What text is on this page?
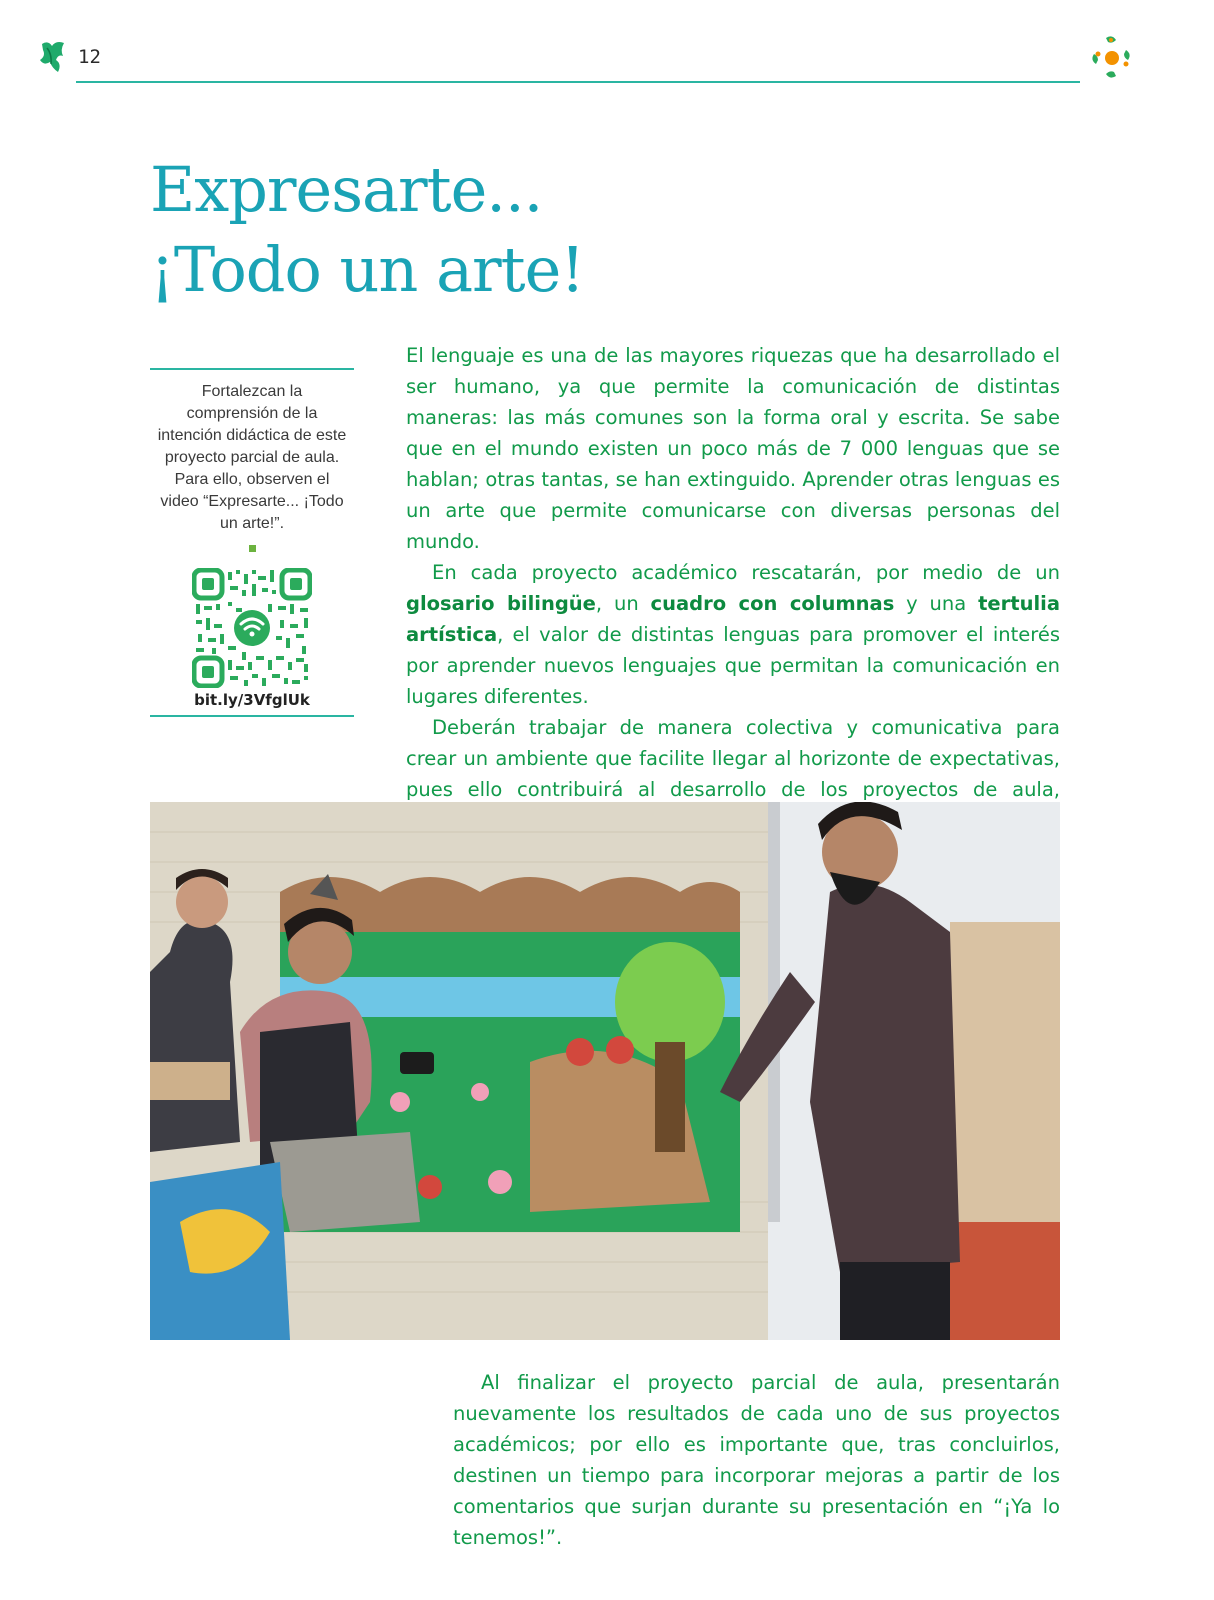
12
Expresarte...
¡Todo un arte!
Fortalezcan la comprensión de la intención didáctica de este proyecto parcial de aula. Para ello, observen el video “Expresarte... ¡Todo un arte!”.
bit.ly/3VfglUk

El lenguaje es una de las mayores riquezas que ha desarrollado el ser humano, ya que permite la comunicación de distintas maneras: las más comunes son la forma oral y escrita. Se sabe que en el mundo existen un poco más de 7 000 lenguas que se hablan; otras tantas, se han extinguido. Aprender otras lenguas es un arte que permite comunicarse con diversas personas del mundo.

En cada proyecto académico rescatarán, por medio de un glosario bilingüe, un cuadro con columnas y una tertulia artística, el valor de distintas lenguas para promover el interés por aprender nuevos lenguajes que permitan la comunicación en lugares diferentes.

Deberán trabajar de manera colectiva y comunicativa para crear un ambiente que facilite llegar al horizonte de expectativas, pues ello contribuirá al desarrollo de los proyectos de aula,

Al finalizar el proyecto parcial de aula, presentarán nuevamente los resultados de cada uno de sus proyectos académicos; por ello es importante que, tras concluirlos, destinen un tiempo para incorporar mejoras a partir de los comentarios que surjan durante su presentación en “¡Ya lo tenemos!”.
